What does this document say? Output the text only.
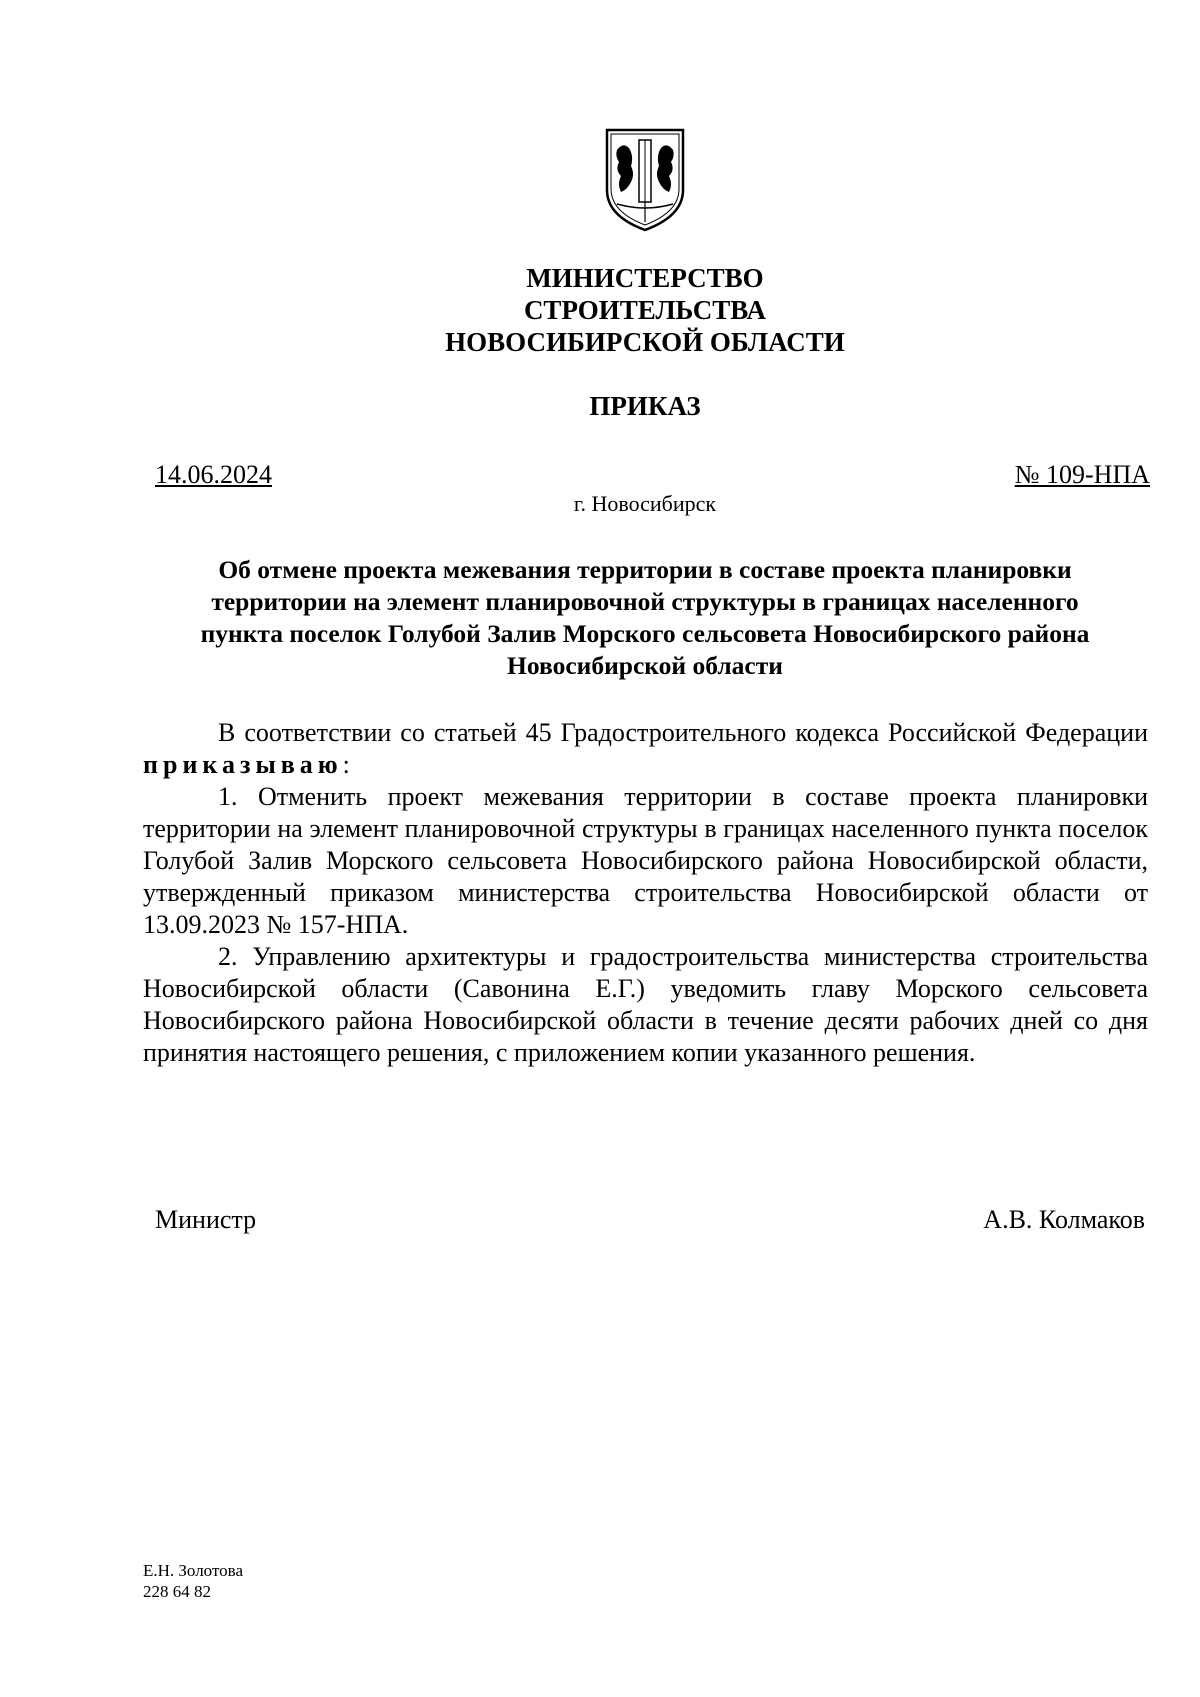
МИНИСТЕРСТВО
СТРОИТЕЛЬСТВА
НОВОСИБИРСКОЙ ОБЛАСТИ
ПРИКАЗ
14.06.2024	№ 109-НПА
г. Новосибирск
Об отмене проекта межевания территории в составе проекта планировки
территории на элемент планировочной структуры в границах населенного
пункта поселок Голубой Залив Морского сельсовета Новосибирского района
Новосибирской области

В соответствии со статьей 45 Градостроительного кодекса Российской Федерации приказываю:

1. Отменить проект межевания территории в составе проекта планировки территории на элемент планировочной структуры в границах населенного пункта поселок Голубой Залив Морского сельсовета Новосибирского района Новосибирской области, утвержденный приказом министерства строительства Новосибирской области от 13.09.2023 № 157-НПА.

2. Управлению архитектуры и градостроительства министерства строительства Новосибирской области (Савонина Е.Г.) уведомить главу Морского сельсовета Новосибирского района Новосибирской области в течение десяти рабочих дней со дня принятия настоящего решения, с приложением копии указанного решения.

Министр	А.В. Колмаков
Е.Н. Золотова
228 64 82
